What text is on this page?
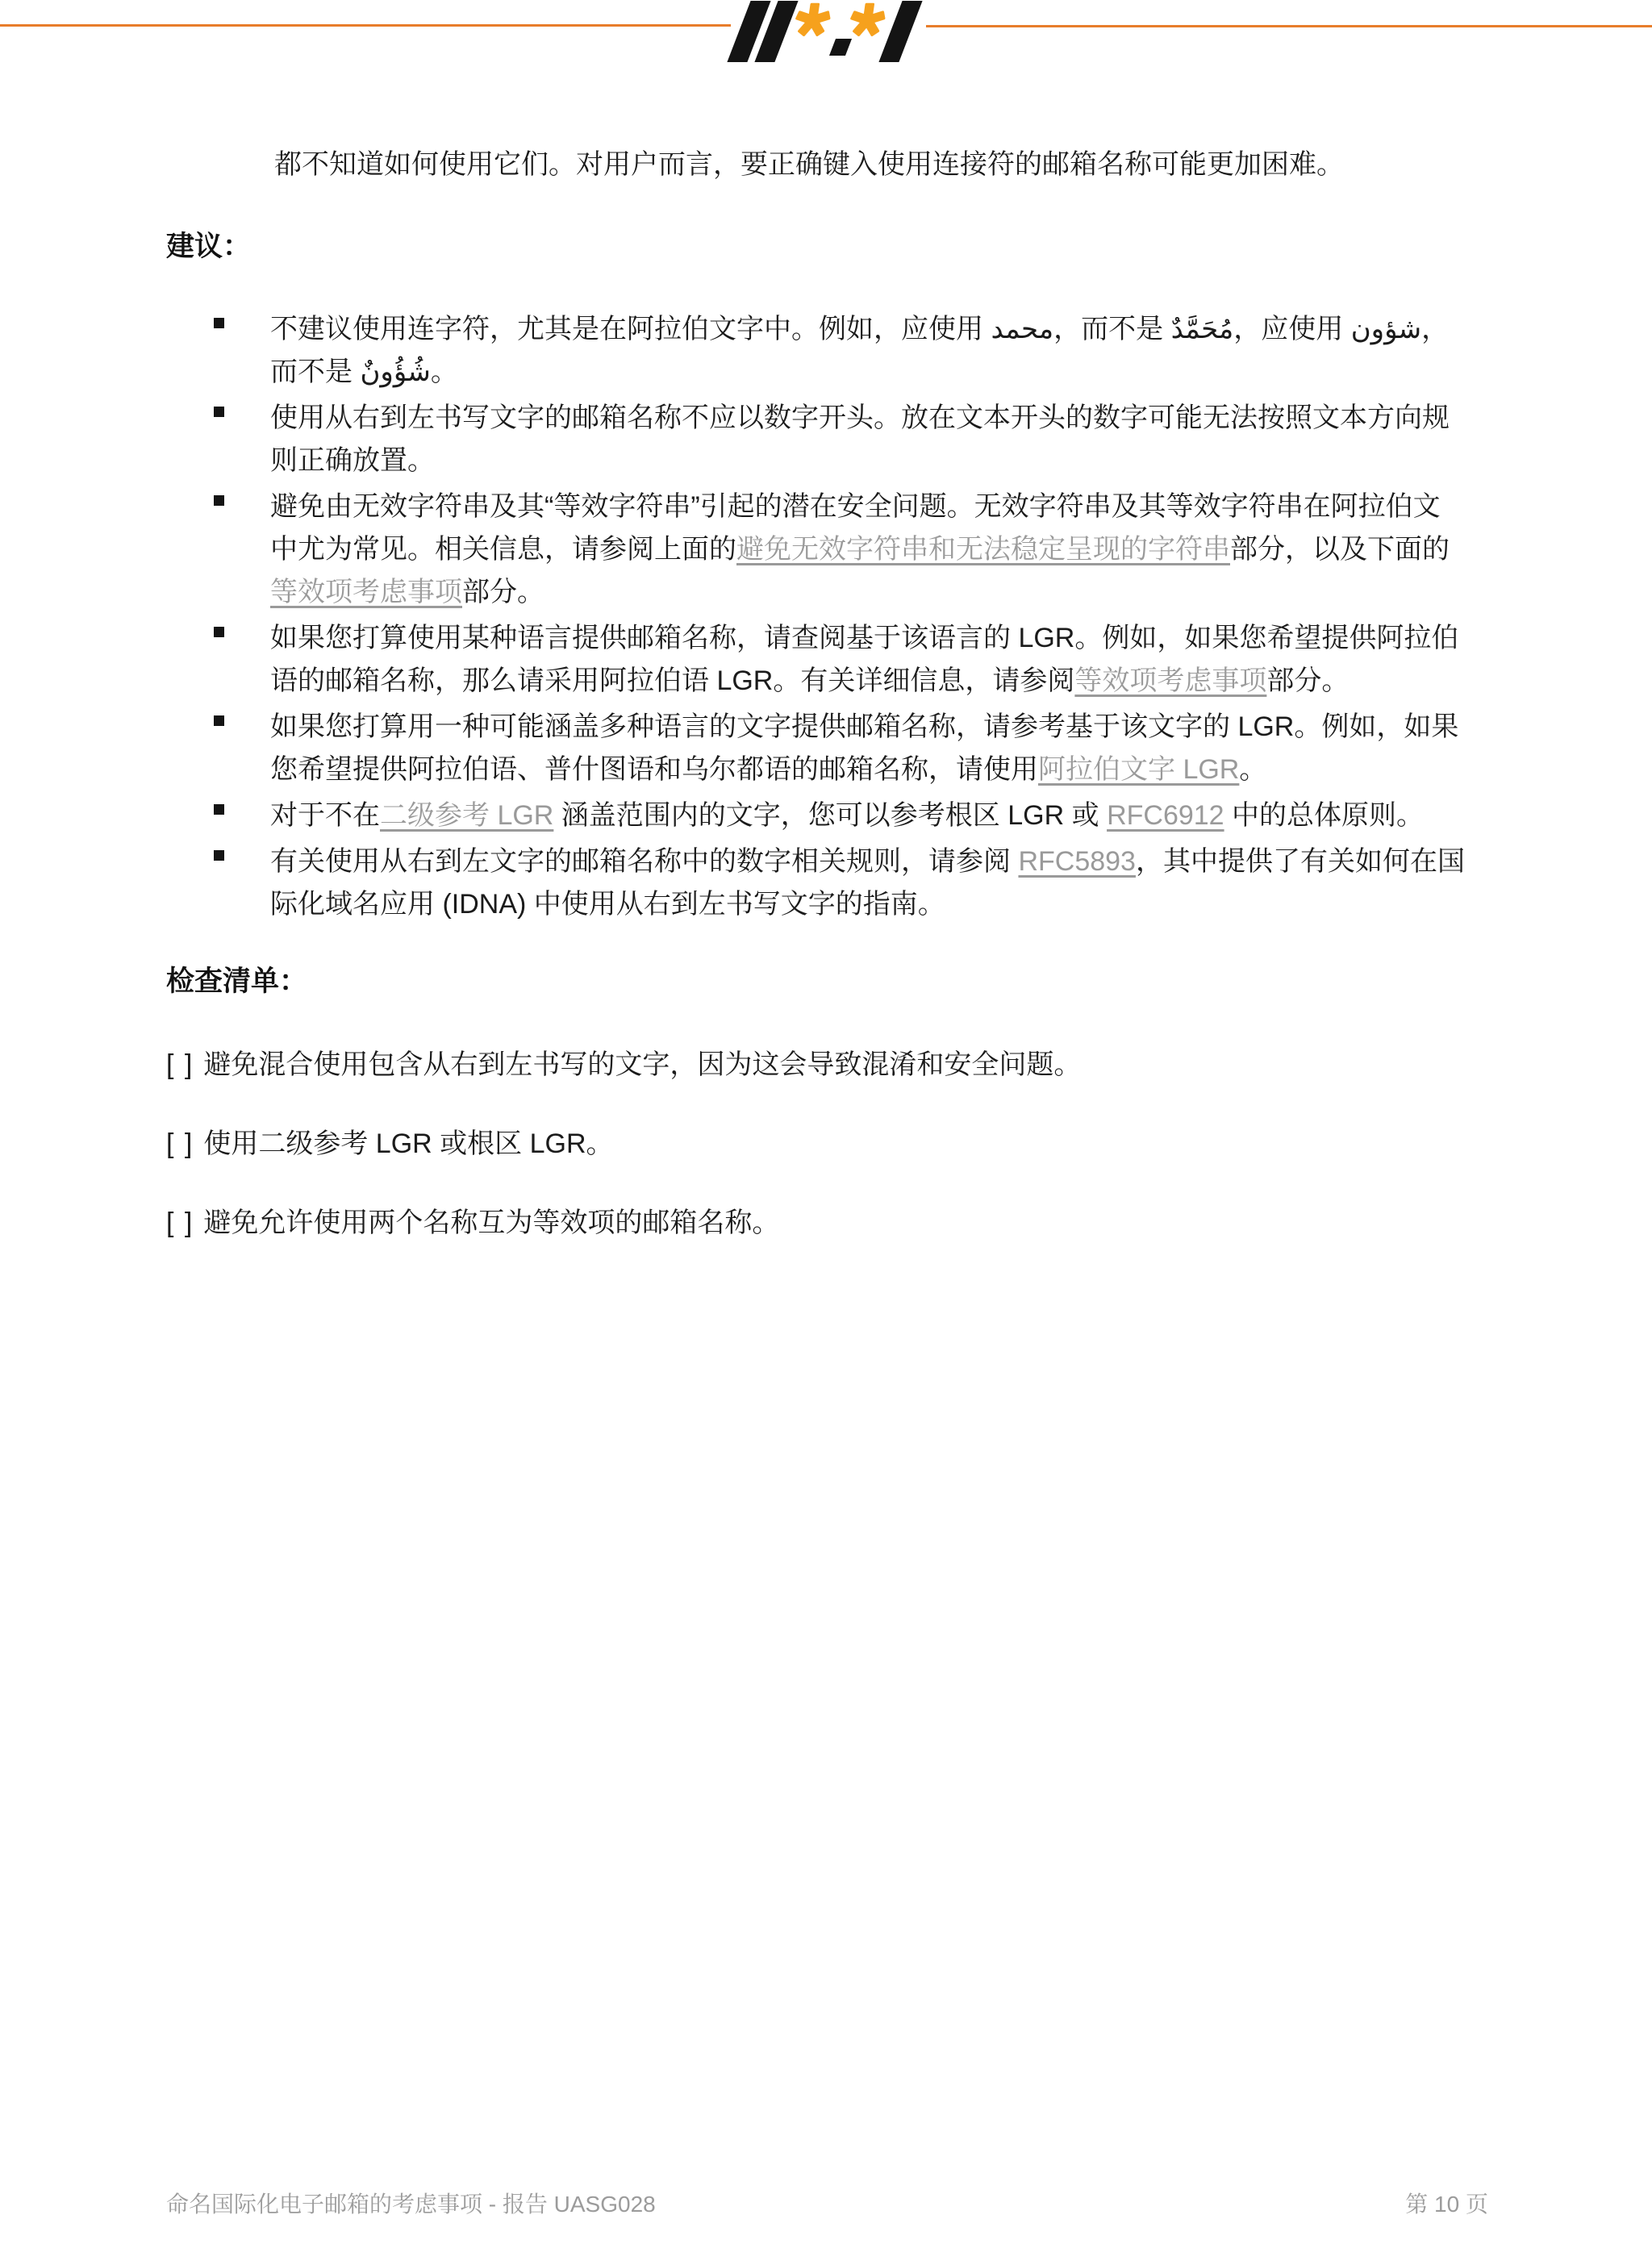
都不知道如何使用它们。对用户而言，要正确键入使用连接符的邮箱名称可能更加困难。

建议：
不建议使用连字符，尤其是在阿拉伯文字中。例如，应使用 محمد，而不是 مُحَمَّدٌ，应使用 شؤون，而不是 شُؤُونٌ。
使用从右到左书写文字的邮箱名称不应以数字开头。放在文本开头的数字可能无法按照文本方向规则正确放置。
避免由无效字符串及其“等效字符串”引起的潜在安全问题。无效字符串及其等效字符串在阿拉伯文中尤为常见。相关信息，请参阅上面的避免无效字符串和无法稳定呈现的字符串部分，以及下面的等效项考虑事项部分。
如果您打算使用某种语言提供邮箱名称，请查阅基于该语言的 LGR。例如，如果您希望提供阿拉伯语的邮箱名称，那么请采用阿拉伯语 LGR。有关详细信息，请参阅等效项考虑事项部分。
如果您打算用一种可能涵盖多种语言的文字提供邮箱名称，请参考基于该文字的 LGR。例如，如果您希望提供阿拉伯语、普什图语和乌尔都语的邮箱名称，请使用阿拉伯文字 LGR。
对于不在二级参考 LGR 涵盖范围内的文字，您可以参考根区 LGR 或 RFC6912 中的总体原则。
有关使用从右到左文字的邮箱名称中的数字相关规则，请参阅 RFC5893，其中提供了有关如何在国际化域名应用 (IDNA) 中使用从右到左书写文字的指南。
检查清单：

[ ] 避免混合使用包含从右到左书写的文字，因为这会导致混淆和安全问题。

[ ] 使用二级参考 LGR 或根区 LGR。

[ ] 避免允许使用两个名称互为等效项的邮箱名称。

命名国际化电子邮箱的考虑事项 - 报告 UASG028	第 10 页
